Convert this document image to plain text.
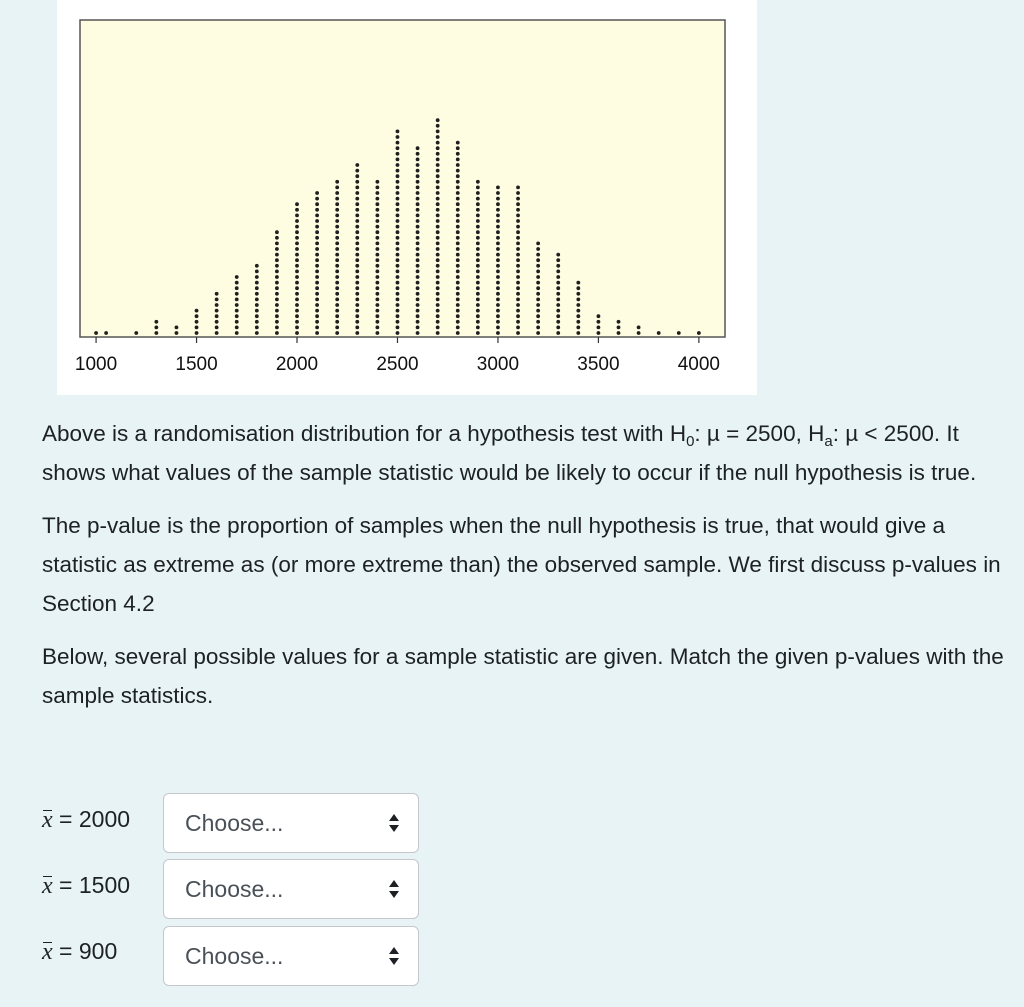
1000	1500	2000	2500	3000	3500	4000

Above is a randomisation distribution for a hypothesis test with $H_0$: µ = 2500, $H_a$: µ < 2500. It shows what values of the sample statistic would be likely to occur if the null hypothesis is true.

The p-value is the proportion of samples when the null hypothesis is true, that would give a statistic as extreme as (or more extreme than) the observed sample. We first discuss p-values in Section 4.2

Below, several possible values for a sample statistic are given. Match the given p-values with the sample statistics.

x = 2000 Choose...
x = 1500 Choose...
x = 900	Choose...
